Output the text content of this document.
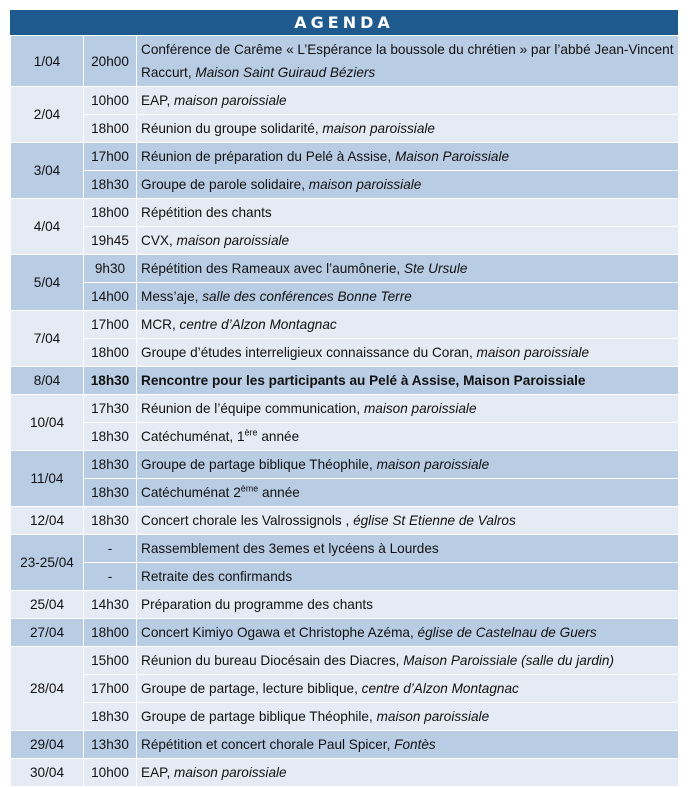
AGENDA
1/04	20h00	Conférence de Carême « L’Espérance la boussole du chrétien » par l’abbé Jean-Vincent Raccurt, Maison Saint Guiraud Béziers
2/04	10h00	EAP, maison paroissiale
	18h00	Réunion du groupe solidarité, maison paroissiale
3/04	17h00	Réunion de préparation du Pelé à Assise, Maison Paroissiale
	18h30	Groupe de parole solidaire, maison paroissiale
4/04	18h00	Répétition des chants
	19h45	CVX, maison paroissiale
5/04	9h30	Répétition des Rameaux avec l’aumônerie, Ste Ursule
	14h00	Mess’aje, salle des conférences Bonne Terre
7/04	17h00	MCR, centre d’Alzon Montagnac
	18h00	Groupe d’études interreligieux connaissance du Coran, maison paroissiale
8/04	18h30	Rencontre pour les participants au Pelé à Assise, Maison Paroissiale
10/04	17h30	Réunion de l’équipe communication, maison paroissiale
	18h30	Catéchuménat, 1ère année
11/04	18h30	Groupe de partage biblique Théophile, maison paroissiale
	18h30	Catéchuménat 2ème année
12/04	18h30	Concert chorale les Valrossignols , église St Etienne de Valros
23-25/04	-	Rassemblement des 3emes et lycéens à Lourdes
	-	Retraite des confirmands
25/04	14h30	Préparation du programme des chants
27/04	18h00	Concert Kimiyo Ogawa et Christophe Azéma, église de Castelnau de Guers
28/04	15h00	Réunion du bureau Diocésain des Diacres, Maison Paroissiale (salle du jardin)
	17h00	Groupe de partage, lecture biblique, centre d’Alzon Montagnac
	18h30	Groupe de partage biblique Théophile, maison paroissiale
29/04	13h30	Répétition et concert chorale Paul Spicer, Fontès
30/04	10h00	EAP, maison paroissiale
